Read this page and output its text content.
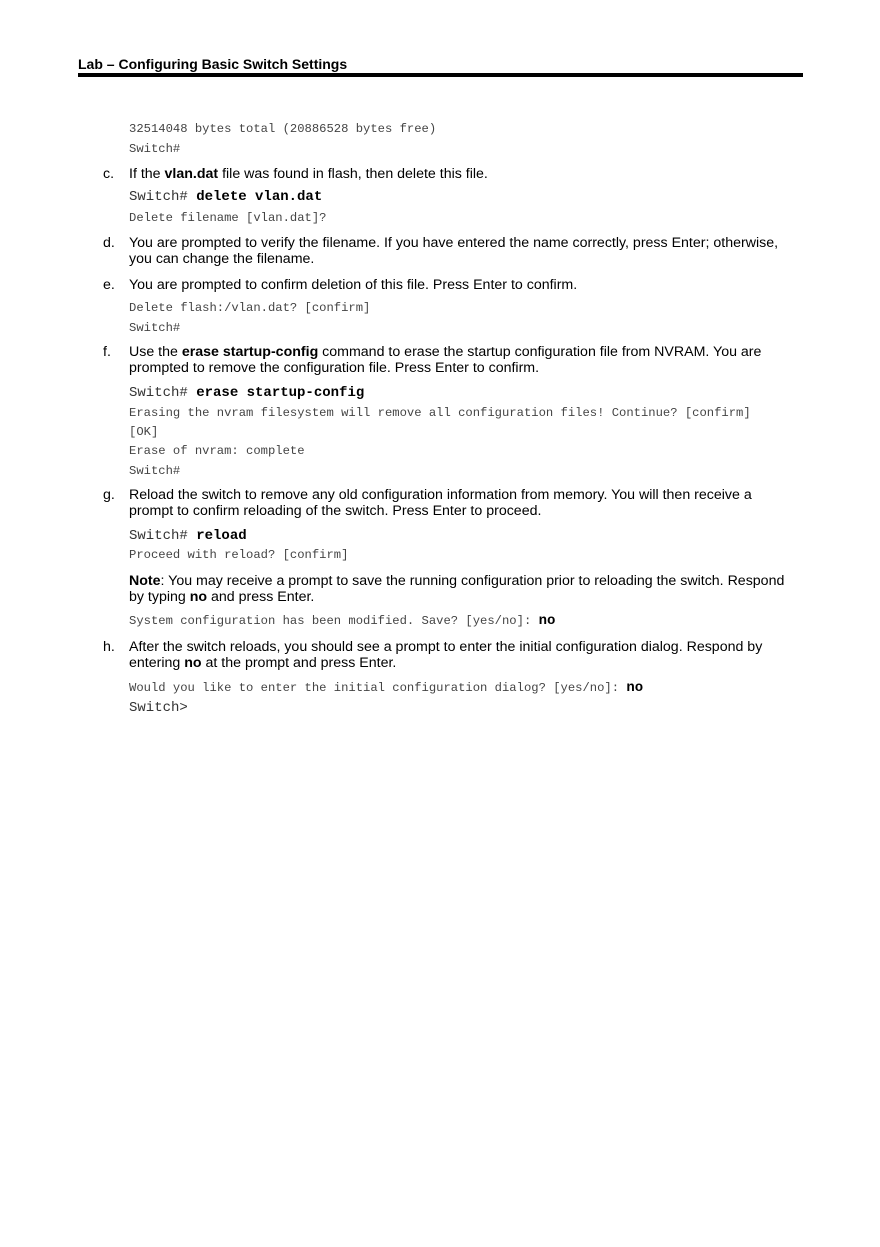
Lab – Configuring Basic Switch Settings
32514048 bytes total (20886528 bytes free)
Switch#
c. If the vlan.dat file was found in flash, then delete this file.
Switch# delete vlan.dat
Delete filename [vlan.dat]?
d. You are prompted to verify the filename. If you have entered the name correctly, press Enter; otherwise,
you can change the filename.
e. You are prompted to confirm deletion of this file. Press Enter to confirm.
Delete flash:/vlan.dat? [confirm]
Switch#
f. Use the erase startup-config command to erase the startup configuration file from NVRAM. You are
prompted to remove the configuration file. Press Enter to confirm.
Switch# erase startup-config
Erasing the nvram filesystem will remove all configuration files! Continue? [confirm]
[OK]
Erase of nvram: complete
Switch#
g. Reload the switch to remove any old configuration information from memory. You will then receive a
prompt to confirm reloading of the switch. Press Enter to proceed.
Switch# reload
Proceed with reload? [confirm]
Note: You may receive a prompt to save the running configuration prior to reloading the switch. Respond
by typing no and press Enter.
System configuration has been modified. Save? [yes/no]: no
h. After the switch reloads, you should see a prompt to enter the initial configuration dialog. Respond by
entering no at the prompt and press Enter.
Would you like to enter the initial configuration dialog? [yes/no]: no
Switch>
